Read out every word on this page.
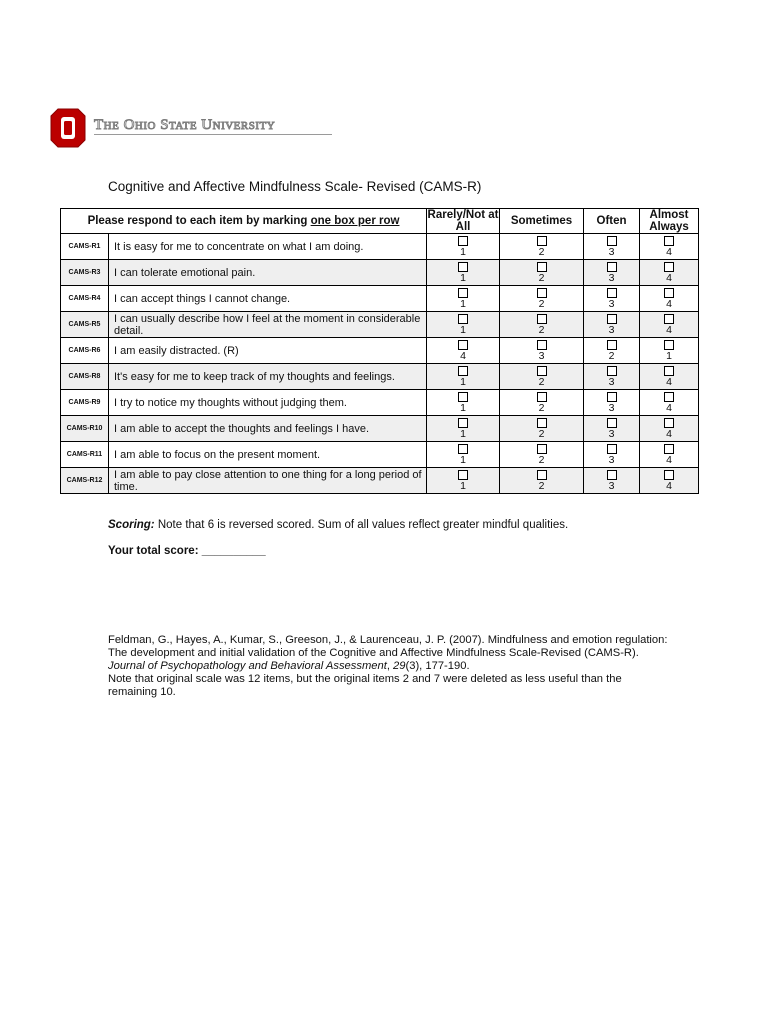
The Ohio State University
Cognitive and Affective Mindfulness Scale- Revised (CAMS-R)
Please respond to each item by marking one box per row		Rarely/Not at All	Sometimes	Often	Almost Always
CAMS-R1	It is easy for me to concentrate on what I am doing.	1	2	3	4

CAMS-R3	I can tolerate emotional pain.	1	2	3	4

CAMS-R4	I can accept things I cannot change.	1	2	3	4

CAMS-R5	I can usually describe how I feel at the moment in considerable detail.	1	2	3	4

CAMS-R6	I am easily distracted. (R)	4	3	2	1

CAMS-R8	It's easy for me to keep track of my thoughts and feelings.	1	2	3	4

CAMS-R9	I try to notice my thoughts without judging them.	1	2	3	4

CAMS-R10	I am able to accept the thoughts and feelings I have.	1	2	3	4

CAMS-R11	I am able to focus on the present moment.	1	2	3	4

CAMS-R12	I am able to pay close attention to one thing for a long period of time.	1	2	3	4
Scoring: Note that 6 is reversed scored. Sum of all values reflect greater mindful qualities.
Your total score: __________
Feldman, G., Hayes, A., Kumar, S., Greeson, J., & Laurenceau, J. P. (2007). Mindfulness and emotion regulation: The development and initial validation of the Cognitive and Affective Mindfulness Scale-Revised (CAMS-R). Journal of Psychopathology and Behavioral Assessment, 29(3), 177-190.
Note that original scale was 12 items, but the original items 2 and 7 were deleted as less useful than the remaining 10.
